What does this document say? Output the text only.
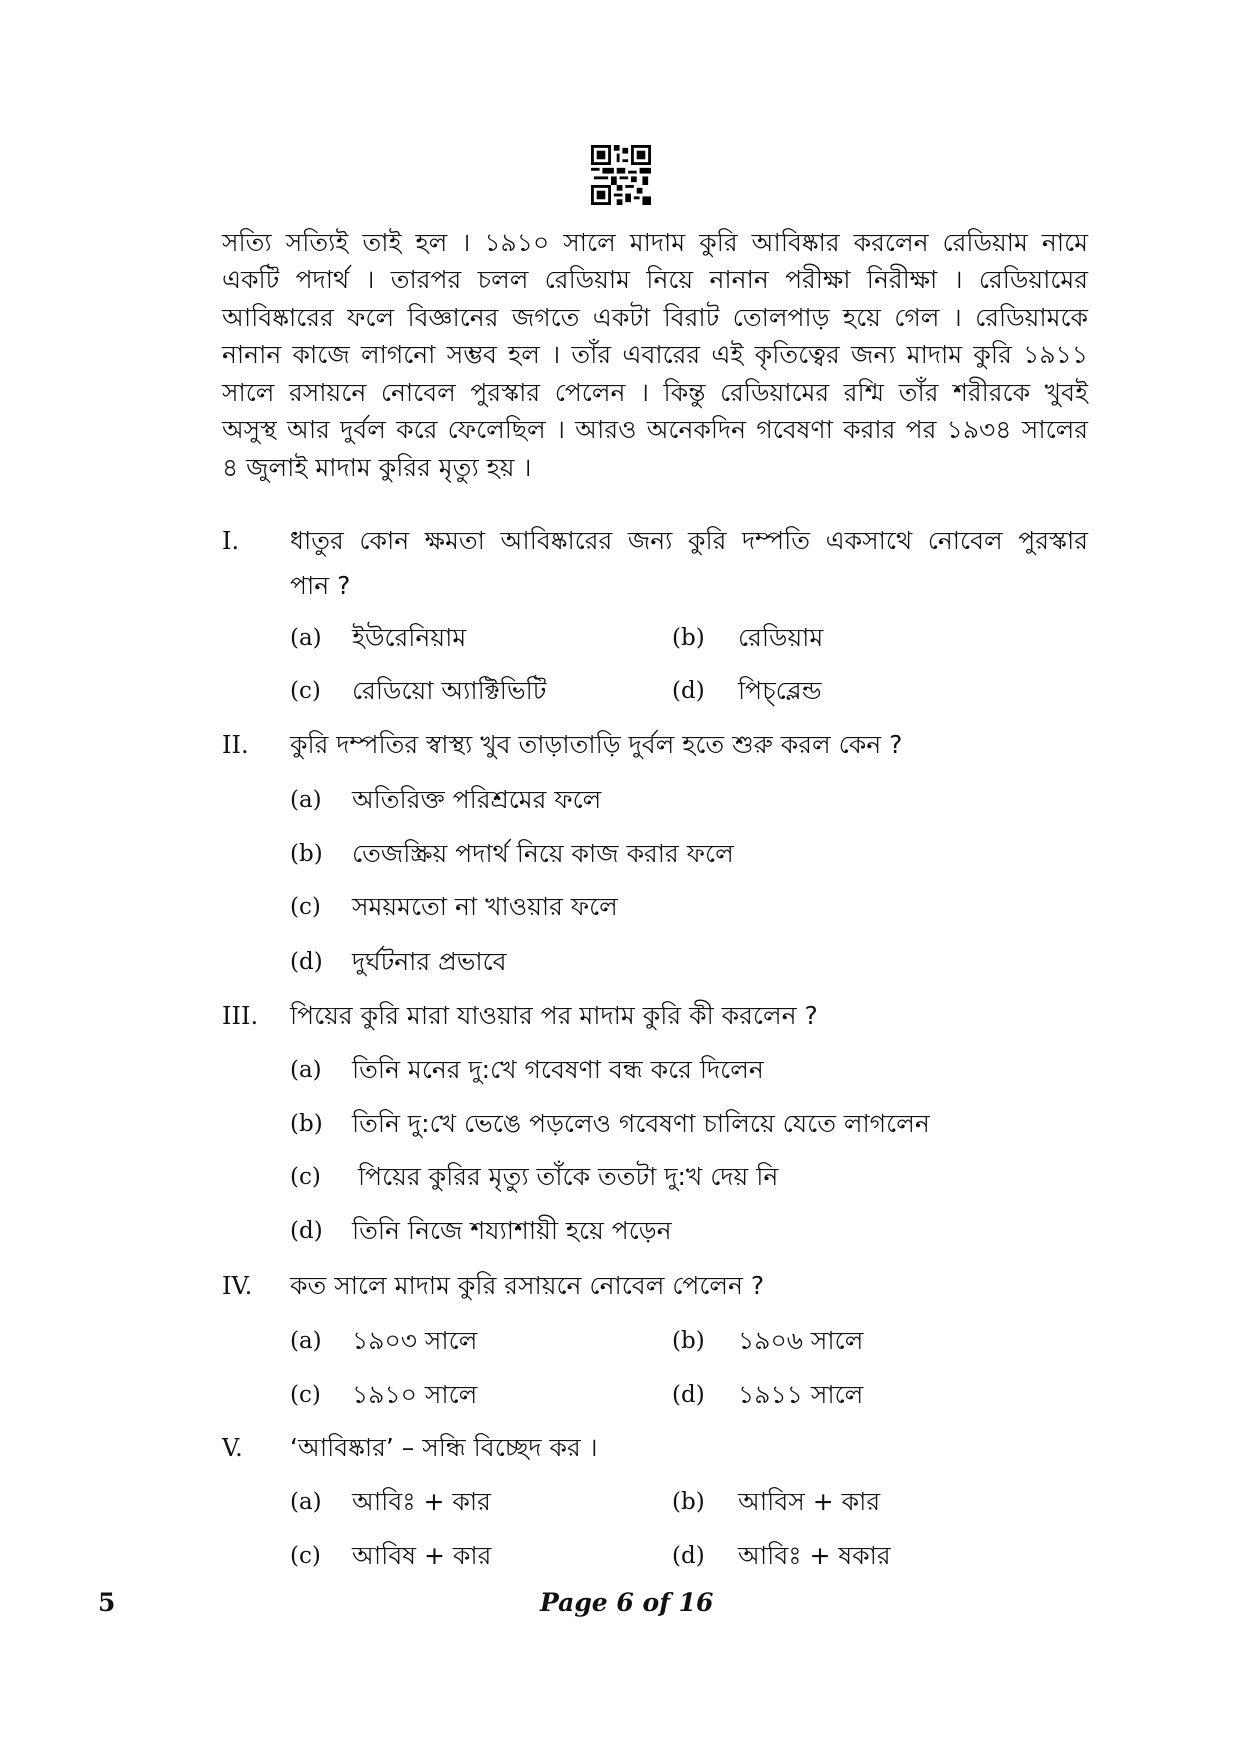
সত্যি সত্যিই তাই হল । ১৯১০ সালে মাদাম কুরি আবিষ্কার করলেন রেডিয়াম নামে
একটি পদার্থ । তারপর চলল রেডিয়াম নিয়ে নানান পরীক্ষা নিরীক্ষা । রেডিয়ামের
আবিষ্কারের ফলে বিজ্ঞানের জগতে একটা বিরাট তোলপাড় হয়ে গেল । রেডিয়ামকে
নানান কাজে লাগনো সম্ভব হল । তাঁর এবারের এই কৃতিত্বের জন্য মাদাম কুরি ১৯১১
সালে রসায়নে নোবেল পুরস্কার পেলেন । কিন্তু রেডিয়ামের রশ্মি তাঁর শরীরকে খুবই
অসুস্থ আর দুর্বল করে ফেলেছিল । আরও অনেকদিন গবেষণা করার পর ১৯৩৪ সালের
৪ জুলাই মাদাম কুরির মৃত্যু হয় ।
I. ধাতুর কোন ক্ষমতা আবিষ্কারের জন্য কুরি দম্পতি একসাথে নোবেল পুরস্কার
পান ?
(a) ইউরেনিয়াম	(b) রেডিয়াম
(c) রেডিয়ো অ্যাক্টিভিটি	(d) পিচ্‌ব্লেন্ড
II. কুরি দম্পতির স্বাস্থ্য খুব তাড়াতাড়ি দুর্বল হতে শুরু করল কেন ?
(a) অতিরিক্ত পরিশ্রমের ফলে
(b) তেজস্ক্রিয় পদার্থ নিয়ে কাজ করার ফলে
(c) সময়মতো না খাওয়ার ফলে
(d) দুর্ঘটনার প্রভাবে
III. পিয়ের কুরি মারা যাওয়ার পর মাদাম কুরি কী করলেন ?
(a) তিনি মনের দু:খে গবেষণা বন্ধ করে দিলেন
(b) তিনি দু:খে ভেঙে পড়লেও গবেষণা চালিয়ে যেতে লাগলেন
(c) পিয়ের কুরির মৃত্যু তাঁকে ততটা দু:খ দেয় নি
(d) তিনি নিজে শয্যাশায়ী হয়ে পড়েন
IV. কত সালে মাদাম কুরি রসায়নে নোবেল পেলেন ?
(a) ১৯০৩ সালে	(b) ১৯০৬ সালে
(c) ১৯১০ সালে	(d) ১৯১১ সালে
V. ‘আবিষ্কার’ – সন্ধি বিচ্ছেদ কর ।
(a) আবিঃ + কার	(b) আবিস + কার
(c) আবিষ + কার	(d) আবিঃ + ষকার
5	Page 6 of 16
